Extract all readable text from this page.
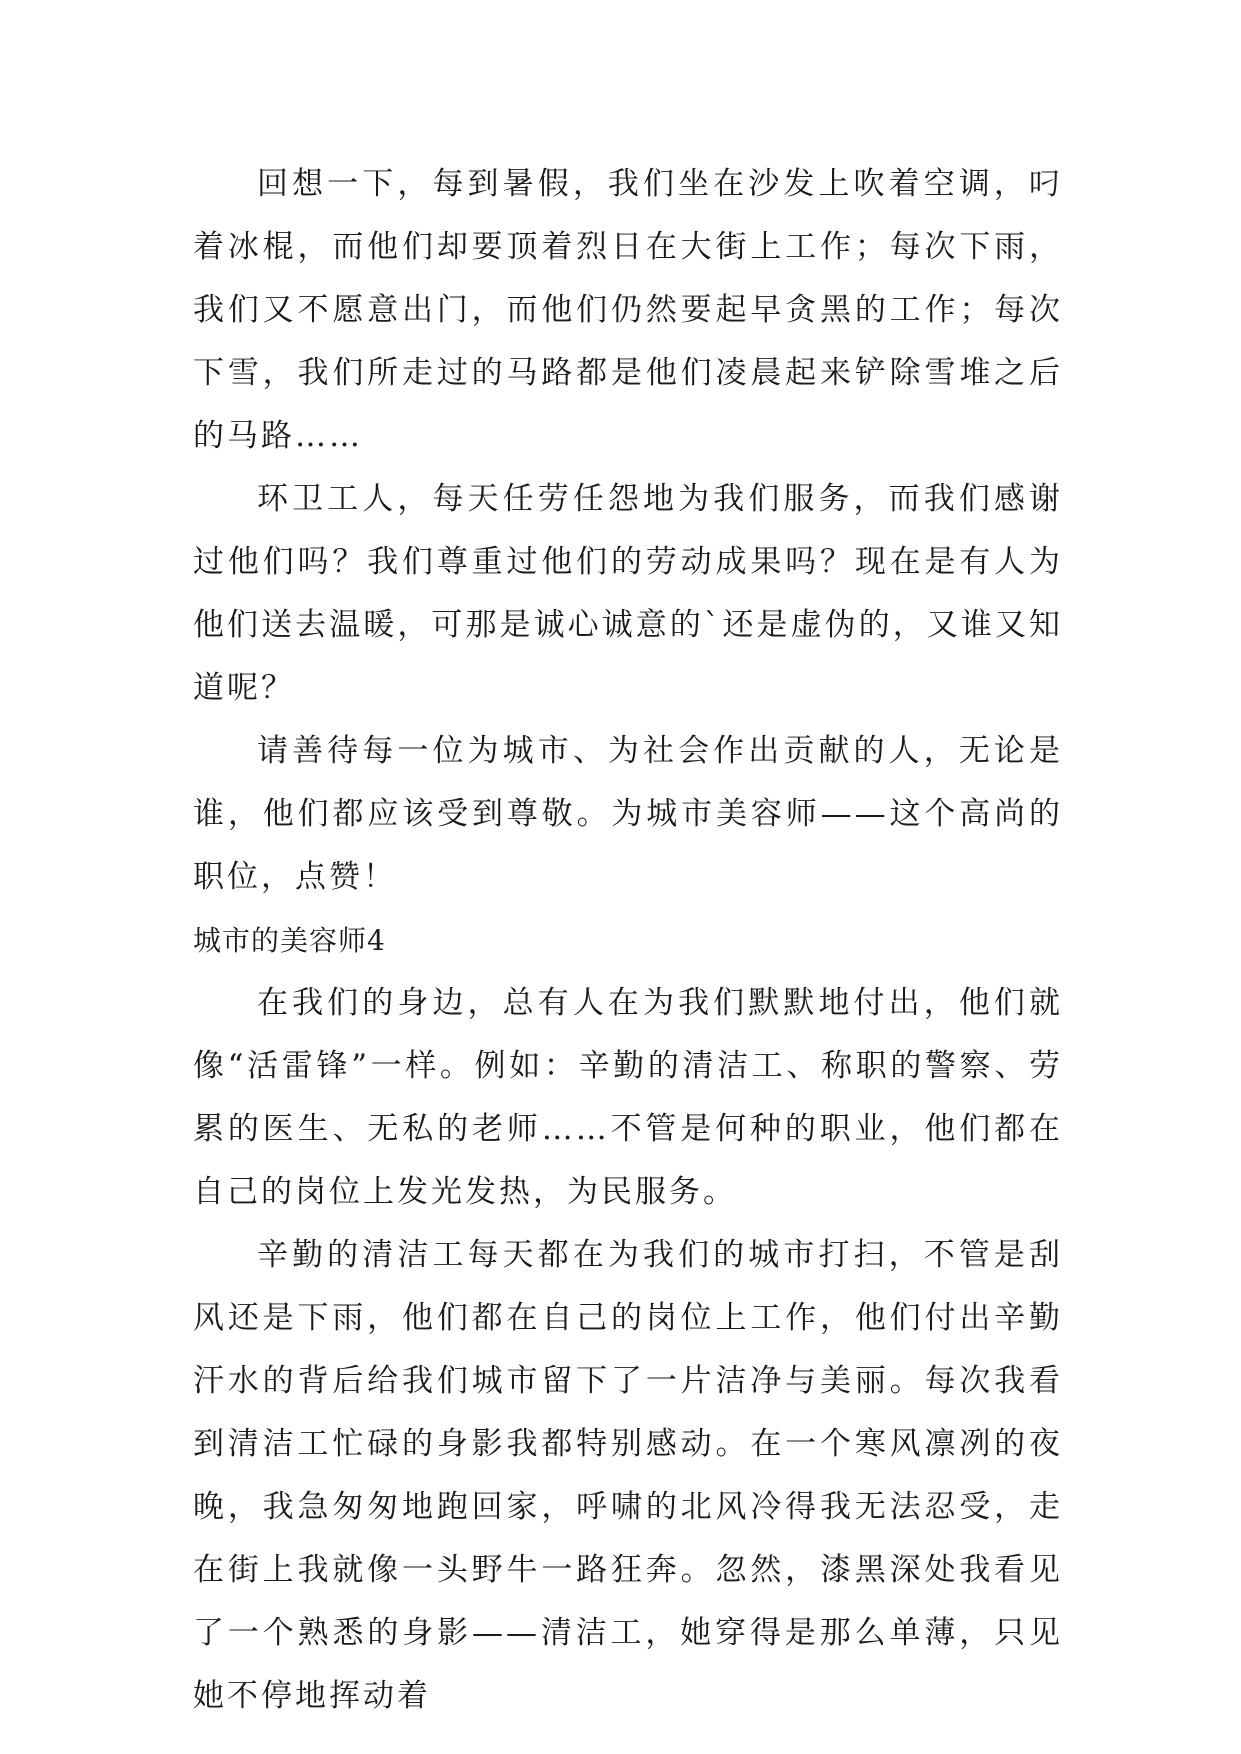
回想一下，每到暑假，我们坐在沙发上吹着空调，叼着冰棍，而他们却要顶着烈日在大街上工作；每次下雨，我们又不愿意出门，而他们仍然要起早贪黑的工作；每次下雪，我们所走过的马路都是他们凌晨起来铲除雪堆之后的马路……

环卫工人，每天任劳任怨地为我们服务，而我们感谢过他们吗？我们尊重过他们的劳动成果吗？现在是有人为他们送去温暖，可那是诚心诚意的`还是虚伪的，又谁又知道呢？

请善待每一位为城市、为社会作出贡献的人，无论是谁，他们都应该受到尊敬。为城市美容师——这个高尚的职位，点赞！

城市的美容师4

在我们的身边，总有人在为我们默默地付出，他们就像“活雷锋”一样。例如：辛勤的清洁工、称职的警察、劳累的医生、无私的老师……不管是何种的职业，他们都在自己的岗位上发光发热，为民服务。

辛勤的清洁工每天都在为我们的城市打扫，不管是刮风还是下雨，他们都在自己的岗位上工作，他们付出辛勤汗水的背后给我们城市留下了一片洁净与美丽。每次我看到清洁工忙碌的身影我都特别感动。在一个寒风凛冽的夜晚，我急匆匆地跑回家，呼啸的北风冷得我无法忍受，走在街上我就像一头野牛一路狂奔。忽然，漆黑深处我看见了一个熟悉的身影——清洁工，她穿得是那么单薄，只见她不停地挥动着
